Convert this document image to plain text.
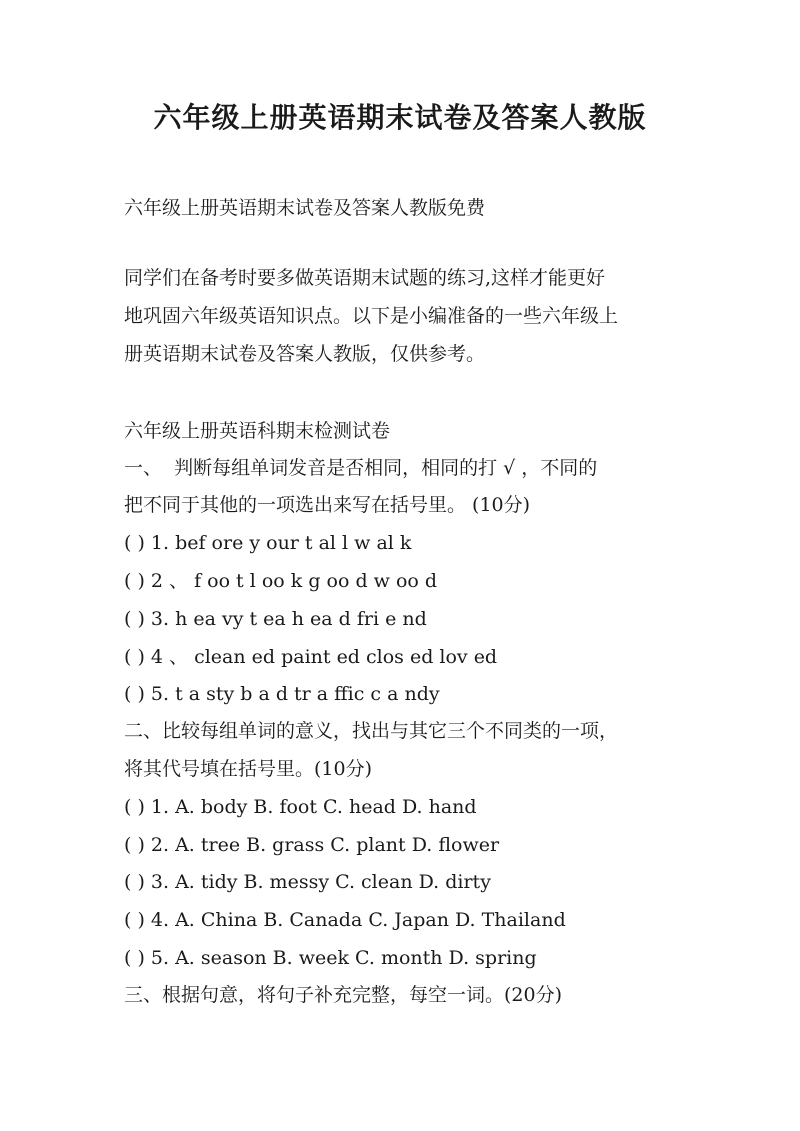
六年级上册英语期末试卷及答案人教版

六年级上册英语期末试卷及答案人教版免费

同学们在备考时要多做英语期末试题的练习,这样才能更好

地巩固六年级英语知识点。以下是小编准备的一些六年级上

册英语期末试卷及答案人教版，仅供参考。

六年级上册英语科期末检测试卷

一、  判断每组单词发音是否相同，相同的打 √ ，不同的

把不同于其他的一项选出来写在括号里。 (10分)

( ) 1. bef ore y our t al l w al k

( ) 2 、 f oo t l oo k g oo d w oo d

( ) 3. h ea vy t ea h ea d fri e nd

( ) 4 、 clean ed paint ed clos ed lov ed

( ) 5. t a sty b a d tr a ffic c a ndy

二、比较每组单词的意义，找出与其它三个不同类的一项，

将其代号填在括号里。(10分)

( ) 1. A. body B. foot C. head D. hand

( ) 2. A. tree B. grass C. plant D. flower

( ) 3. A. tidy B. messy C. clean D. dirty

( ) 4. A. China B. Canada C. Japan D. Thailand

( ) 5. A. season B. week C. month D. spring

三、根据句意，将句子补充完整，每空一词。(20分)
